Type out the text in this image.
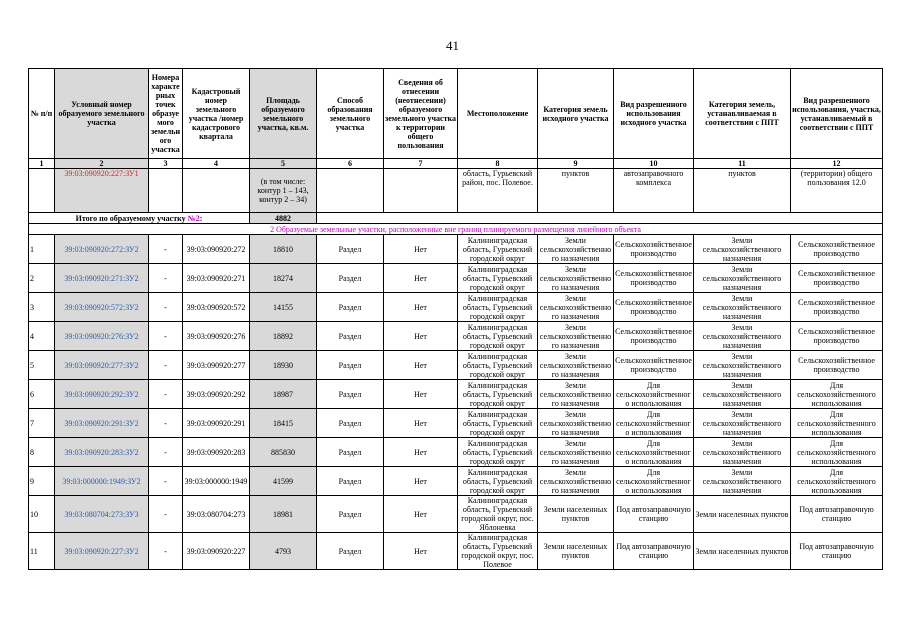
41
№ п/п	Условный номер образуемого земельного участка	Номера характерных точек образуемого земельного участка	Кадастровый номер земельного участка /номер кадастрового квартала	Площадь образуемого земельного участка, кв.м.	Способ образования земельного участка	Сведения об отнесении (неотнесении) образуемого земельного участка к территории общего пользования	Местоположение	Категория земель исходного участка	Вид разрешенного использования исходного участка	Категория земель, устанавливаемая в соответствии с ППТ	Вид разрешенного использования, участка, устанавливаемый в соответствии с ППТ
1	2	3	4	5	6	7	8	9	10	11	12
	39:03:090920:227:ЗУ1			(в том числе: контур 1 – 143, контур 2 – 34)			область, Гурьевский район, пос. Полевое.	пунктов	автозаправочного комплекса	пунктов	(территории) общего пользования 12.0
Итого по образуемому участку №2:				4882							
2 Образуемые земельные участки, расположенные вне границ планируемого размещения линейного объекта											
1	39:03:090920:272:ЗУ2	-	39:03:090920:272	18810	Раздел	Нет	Калининградская область, Гурьевский городской округ	Земли сельскохозяйственного назначения	Сельскохозяйственное производство	Земли сельскохозяйственного назначения	Сельскохозяйственное производство
2	39:03:090920:271:ЗУ2	-	39:03:090920:271	18274	Раздел	Нет	Калининградская область, Гурьевский городской округ	Земли сельскохозяйственного назначения	Сельскохозяйственное производство	Земли сельскохозяйственного назначения	Сельскохозяйственное производство
3	39:03:090920:572:ЗУ2	-	39:03:090920:572	14155	Раздел	Нет	Калининградская область, Гурьевский городской округ	Земли сельскохозяйственного назначения	Сельскохозяйственное производство	Земли сельскохозяйственного назначения	Сельскохозяйственное производство
4	39:03:090920:276:ЗУ2	-	39:03:090920:276	18892	Раздел	Нет	Калининградская область, Гурьевский городской округ	Земли сельскохозяйственного назначения	Сельскохозяйственное производство	Земли сельскохозяйственного назначения	Сельскохозяйственное производство
5	39:03:090920:277:ЗУ2	-	39:03:090920:277	18930	Раздел	Нет	Калининградская область, Гурьевский городской округ	Земли сельскохозяйственного назначения	Сельскохозяйственное производство	Земли сельскохозяйственного назначения	Сельскохозяйственное производство
6	39:03:090920:292:ЗУ2	-	39:03:090920:292	18987	Раздел	Нет	Калининградская область, Гурьевский городской округ	Земли сельскохозяйственного назначения	Для сельскохозяйственного использования	Земли сельскохозяйственного назначения	Для сельскохозяйственного использования
7	39:03:090920:291:ЗУ2	-	39:03:090920:291	18415	Раздел	Нет	Калининградская область, Гурьевский городской округ	Земли сельскохозяйственного назначения	Для сельскохозяйственного использования	Земли сельскохозяйственного назначения	Для сельскохозяйственного использования
8	39:03:090920:283:ЗУ2	-	39:03:090920:283	885830	Раздел	Нет	Калининградская область, Гурьевский городской округ	Земли сельскохозяйственного назначения	Для сельскохозяйственного использования	Земли сельскохозяйственного назначения	Для сельскохозяйственного использования
9	39:03:000000:1949:ЗУ2	-	39:03:000000:1949	41599	Раздел	Нет	Калининградская область, Гурьевский городской округ	Земли сельскохозяйственного назначения	Для сельскохозяйственного использования	Земли сельскохозяйственного назначения	Для сельскохозяйственного использования
10	39:03:080704:273:ЗУ3	-	39:03:080704:273	18981	Раздел	Нет	Калининградская область, Гурьевский городской округ, пос. Яблоневка	Земли населенных пунктов	Под автозаправочную станцию	Земли населенных пунктов	Под автозаправочную станцию
11	39:03:090920:227:ЗУ2	-	39:03:090920:227	4793	Раздел	Нет	Калининградская область, Гурьевский городской округ, пос. Полевое	Земли населенных пунктов	Под автозаправочную станцию	Земли населенных пунктов	Под автозаправочную станцию
